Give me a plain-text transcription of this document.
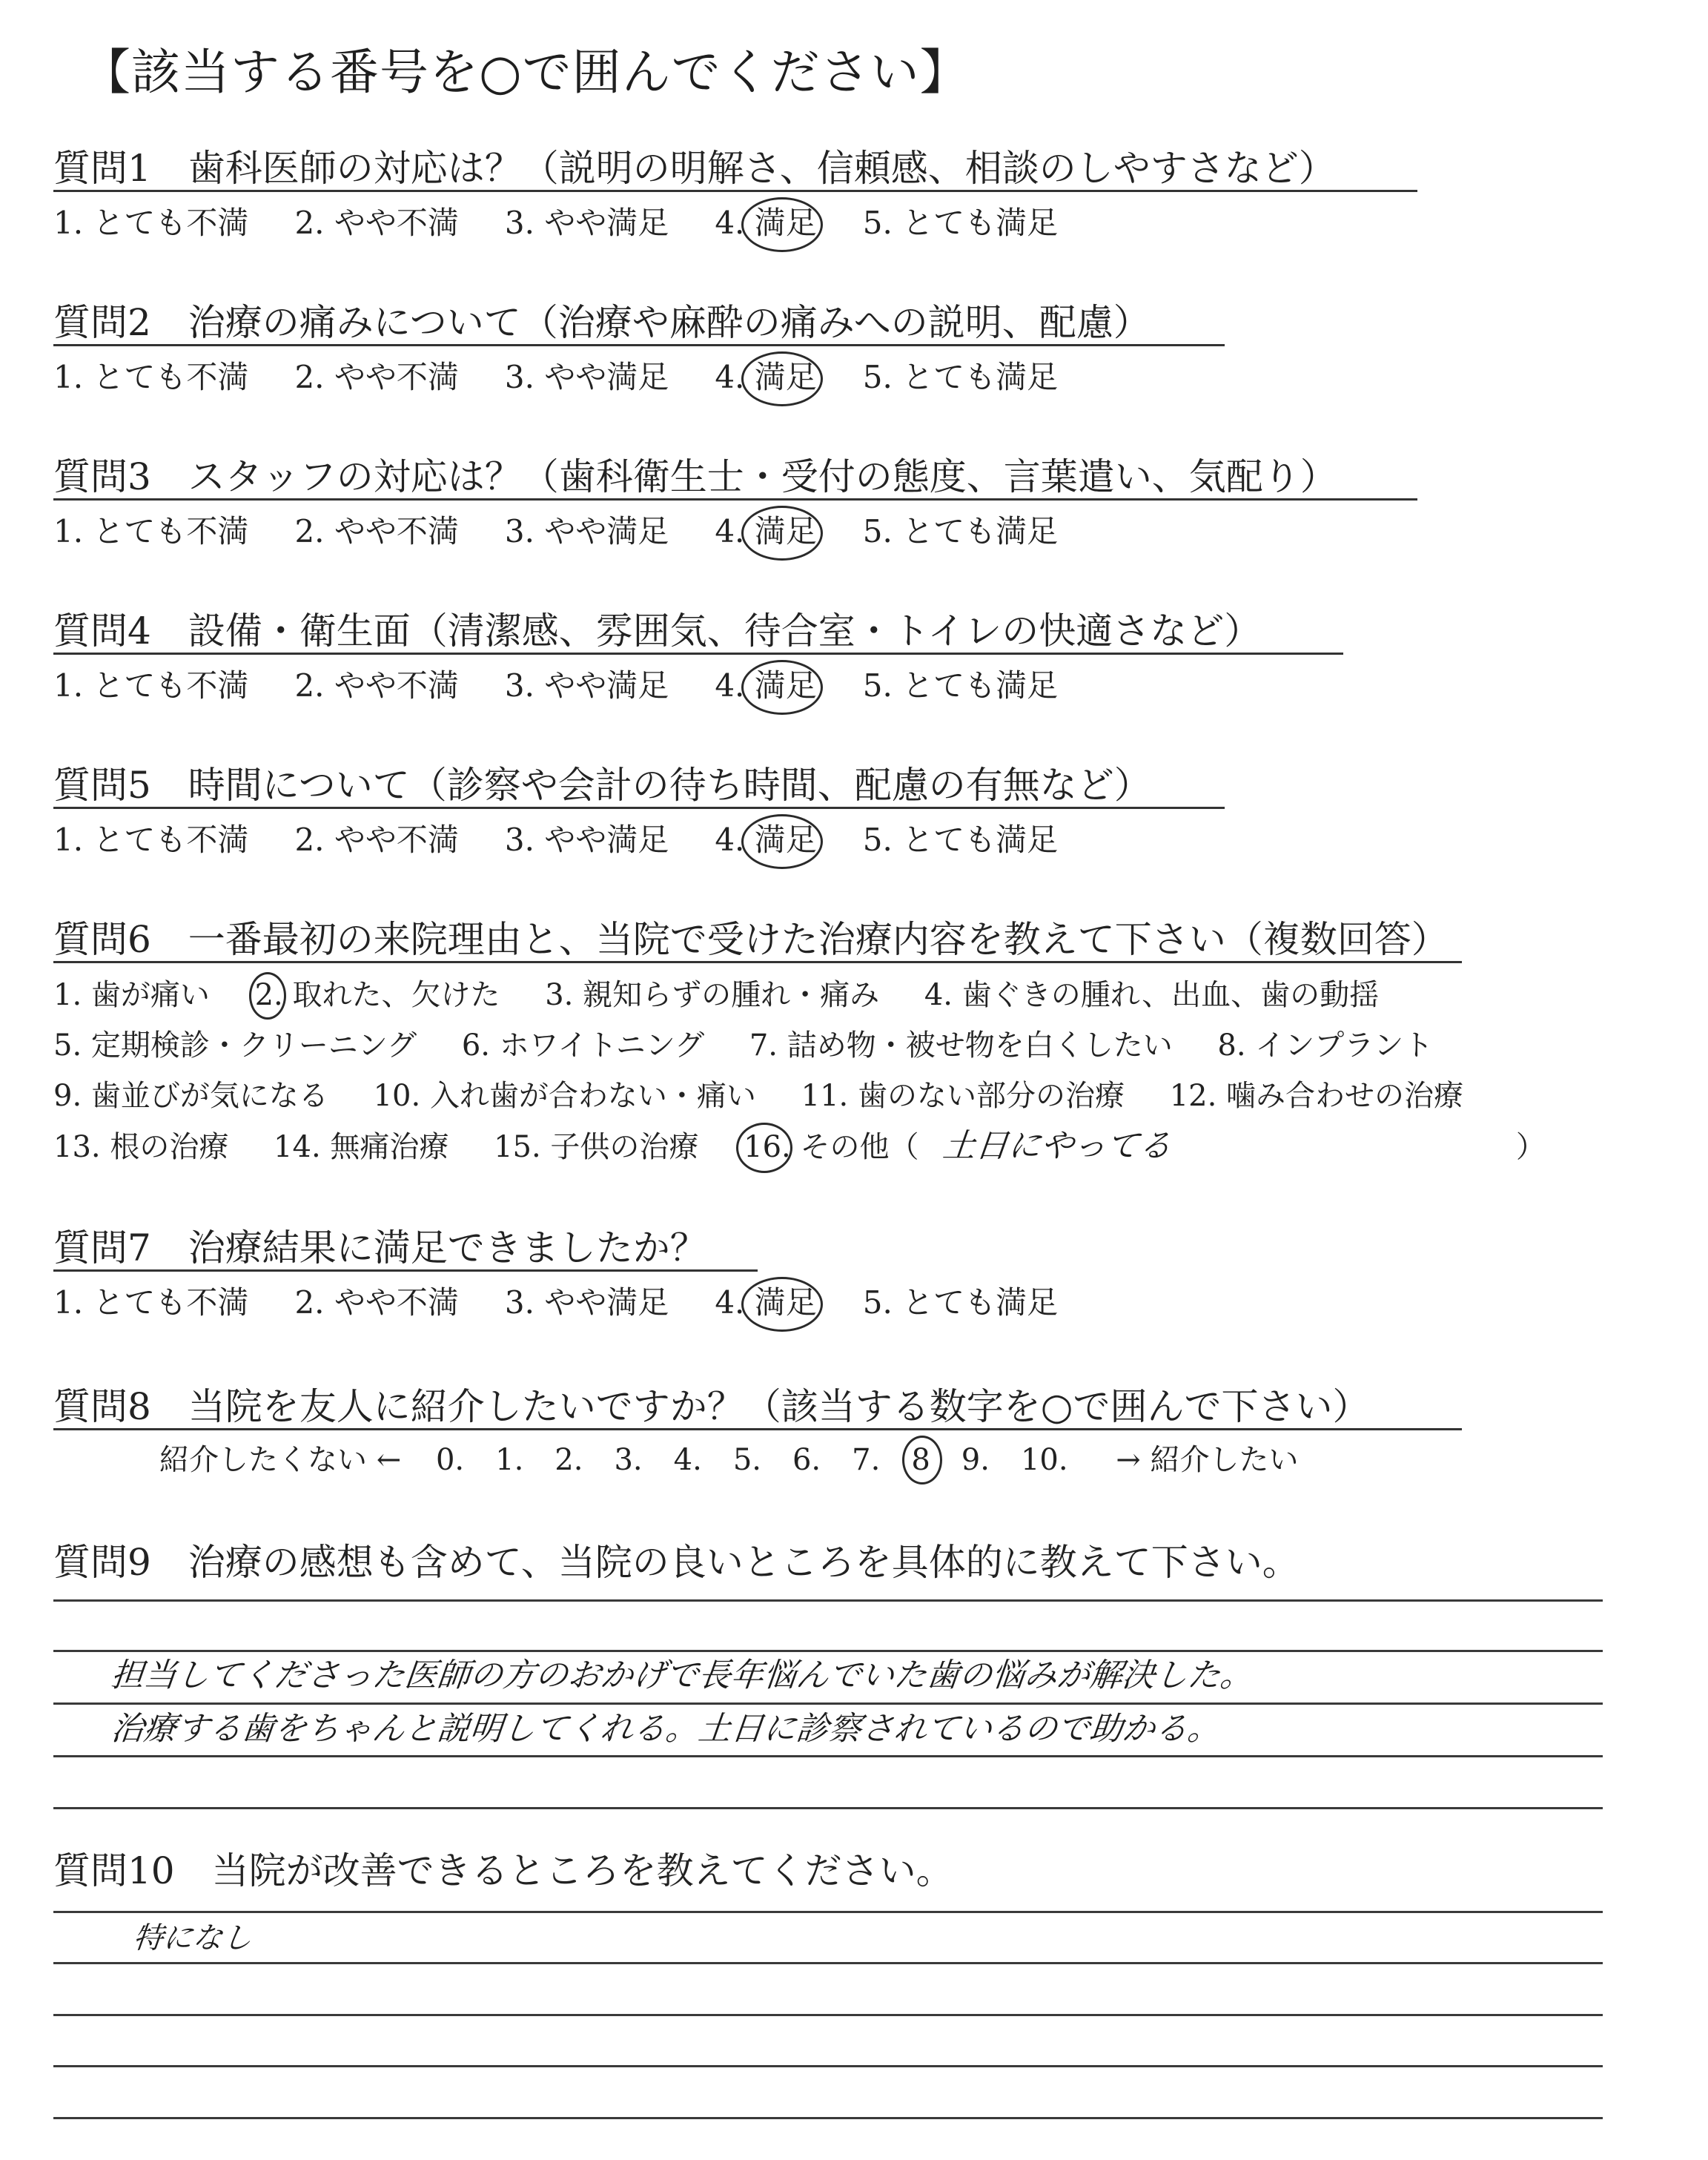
【該当する番号を○で囲んでください】
質問1　歯科医師の対応は？（説明の明解さ、信頼感、相談のしやすさなど）
1. とても不満 2. やや不満 3. やや満足 4. 満足 5. とても満足
質問2　治療の痛みについて（治療や麻酔の痛みへの説明、配慮）
1. とても不満 2. やや不満 3. やや満足 4. 満足 5. とても満足
質問3　スタッフの対応は？（歯科衛生士・受付の態度、言葉遣い、気配り）
1. とても不満 2. やや不満 3. やや満足 4. 満足 5. とても満足
質問4　設備・衛生面（清潔感、雰囲気、待合室・トイレの快適さなど）
1. とても不満 2. やや不満 3. やや満足 4. 満足 5. とても満足
質問5　時間について（診察や会計の待ち時間、配慮の有無など）
1. とても不満 2. やや不満 3. やや満足 4. 満足 5. とても満足
質問6　一番最初の来院理由と、当院で受けた治療内容を教えて下さい（複数回答）
1. 歯が痛い 2. 取れた、欠けた 3. 親知らずの腫れ・痛み 4. 歯ぐきの腫れ、出血、歯の動揺
5. 定期検診・クリーニング 6. ホワイトニング 7. 詰め物・被せ物を白くしたい 8. インプラント
9. 歯並びが気になる 10. 入れ歯が合わない・痛い 11. 歯のない部分の治療 12. 噛み合わせの治療
13. 根の治療 14. 無痛治療 15. 子供の治療 16. その他（ 土日にやってる	）
質問7　治療結果に満足できましたか？
1. とても不満 2. やや不満 3. やや満足 4. 満足 5. とても満足
質問8　当院を友人に紹介したいですか？（該当する数字を○で囲んで下さい）
紹介したくない ← 0. 1. 2. 3. 4. 5. 6. 7. 8 9. 10. → 紹介したい
質問9　治療の感想も含めて、当院の良いところを具体的に教えて下さい。
担当してくださった医師の方のおかげで長年悩んでいた歯の悩みが解決した。
治療する歯をちゃんと説明してくれる。土日に診察されているので助かる。
質問10　当院が改善できるところを教えてください。
特になし
